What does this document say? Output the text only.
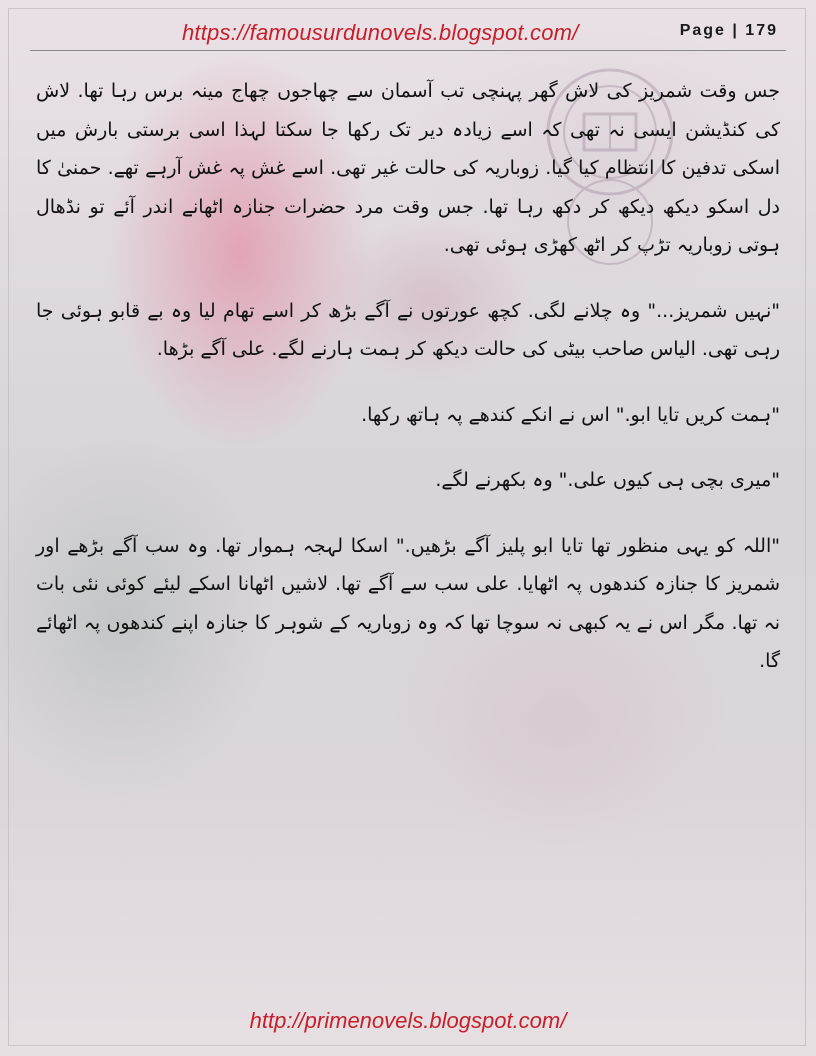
https://famousurdunovels.blogspot.com/	Page | 179

جس وقت شمریز کی لاش گھر پہنچی تب آسمان سے چھاجوں چھاج مینہ برس رہا تھا. لاش کی کنڈیشن ایسی نہ تھی کہ اسے زیادہ دیر تک رکھا جا سکتا لہذا اسی برستی بارش میں اسکی تدفین کا انتظام کیا گیا. زوباریہ کی حالت غیر تھی. اسے غش پہ غش آرہے تھے. حمنیٰ کا دل اسکو دیکھ دیکھ کر دکھ رہا تھا. جس وقت مرد حضرات جنازہ اٹھانے اندر آئے تو نڈھال ہوتی زوباریہ تڑپ کر اٹھ کھڑی ہوئی تھی.

"نہیں شمریز..." وہ چلانے لگی. کچھ عورتوں نے آگے بڑھ کر اسے تھام لیا وہ بے قابو ہوئی جا رہی تھی. الیاس صاحب بیٹی کی حالت دیکھ کر ہمت ہارنے لگے. علی آگے بڑھا.

"ہمت کریں تایا ابو." اس نے انکے کندھے پہ ہاتھ رکھا.

"میری بچی ہی کیوں علی." وہ بکھرنے لگے.

"اللہ کو یہی منظور تھا تایا ابو پلیز آگے بڑھیں." اسکا لہجہ ہموار تھا. وہ سب آگے بڑھے اور شمریز کا جنازہ کندھوں پہ اٹھایا. علی سب سے آگے تھا. لاشیں اٹھانا اسکے لیئے کوئی نئی بات نہ تھا. مگر اس نے یہ کبھی نہ سوچا تھا کہ وہ زوباریہ کے شوہر کا جنازہ اپنے کندھوں پہ اٹھائے گا.

http://primenovels.blogspot.com/
